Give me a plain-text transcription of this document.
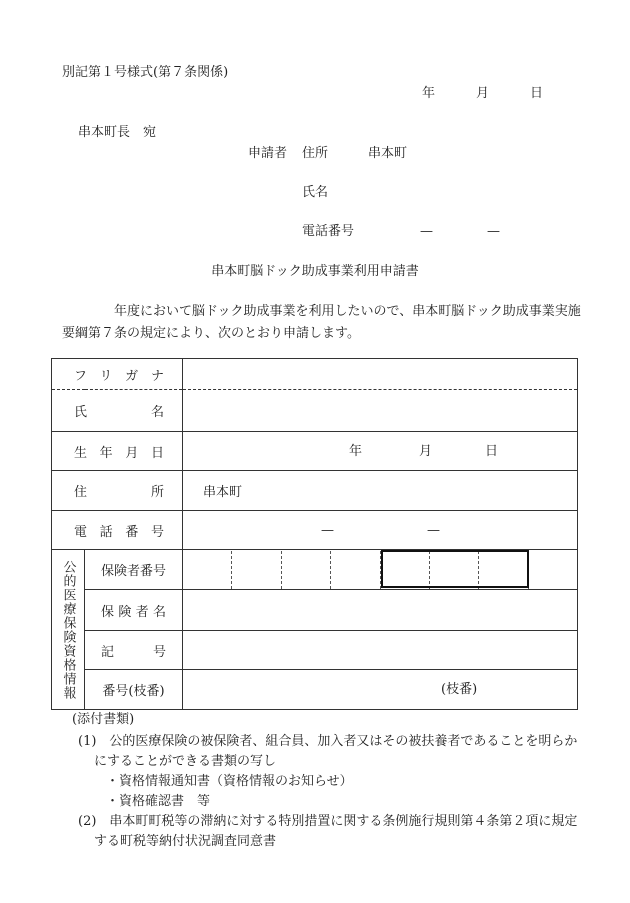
別記第１号様式(第７条関係)
年	月	日
串本町長　宛
申請者 住所	串本町
氏名
電話番号	—	—
串本町脳ドック助成事業利用申請書
年度において脳ドック助成事業を利用したいので、串本町脳ドック助成事業実施要綱第７条の規定により、次のとおり申請します。
フリガナ		
氏名		
生年月日		年 月 日

住所		串本町
電話番号		— —

公的医療保険資格情報	保険者番号	

	保険者名	
	記号	
	番号(枝番)	(枝番)
(添付書類)
(1)　公的医療保険の被保険者、組合員、加入者又はその被扶養者であることを明らかにすることができる書類の写し
・資格情報通知書（資格情報のお知らせ）
・資格確認書　等
(2)　串本町町税等の滞納に対する特別措置に関する条例施行規則第４条第２項に規定する町税等納付状況調査同意書
